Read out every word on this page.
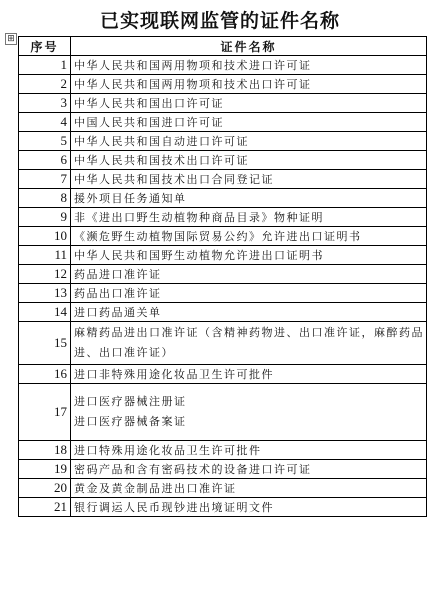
已实现联网监管的证件名称
⊞
序号	证件名称
1	中华人民共和国两用物项和技术进口许可证

2	中华人民共和国两用物项和技术出口许可证

3	中华人民共和国出口许可证

4	中国人民共和国进口许可证

5	中华人民共和国自动进口许可证

6	中华人民共和国技术出口许可证

7	中华人民共和国技术出口合同登记证

8	援外项目任务通知单

9	非《进出口野生动植物种商品目录》物种证明

10	《濒危野生动植物国际贸易公约》允许进出口证明书

11	中华人民共和国野生动植物允许进出口证明书

12	药品进口准许证

13	药品出口准许证

14	进口药品通关单

15	麻精药品进出口准许证（含精神药物进、出口准许证，麻醉药品进、出口准许证）

16	进口非特殊用途化妆品卫生许可批件

17	进口医疗器械注册证
进口医疗器械备案证

18	进口特殊用途化妆品卫生许可批件

19	密码产品和含有密码技术的设备进口许可证

20	黄金及黄金制品进出口准许证

21	银行调运人民币现钞进出境证明文件
